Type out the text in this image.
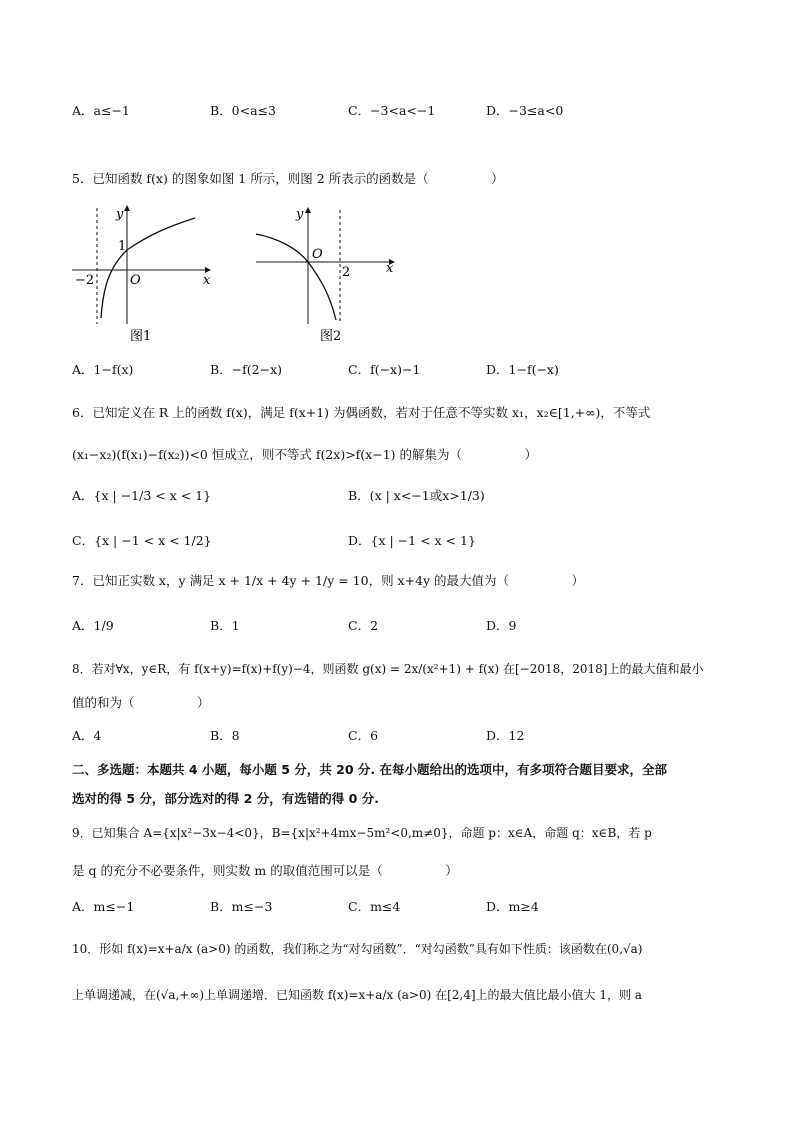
A．a≤−1	B．0<a≤3	C．−3<a<−1	D．−3≤a<0
5．已知函数 f(x) 的图象如图 1 所示，则图 2 所表示的函数是（　　　　　）
y
x
O
1
−2
图1
y
x
O
2
图2
A．1−f(x)	B．−f(2−x)	C．f(−x)−1	D．1−f(−x)
6．已知定义在 R 上的函数 f(x)，满足 f(x+1) 为偶函数，若对于任意不等实数 x₁，x₂∈[1,+∞)，不等式
(x₁−x₂)(f(x₁)−f(x₂))<0 恒成立，则不等式 f(2x)>f(x−1) 的解集为（　　　　　）
A．{x | −1/3 < x < 1}	B．(x | x<−1或x>1/3)
C．{x | −1 < x < 1/2}	D．{x | −1 < x < 1}
7．已知正实数 x，y 满足 x + 1/x + 4y + 1/y = 10，则 x+4y 的最大值为（　　　　　）
A．1/9	B．1	C．2	D．9
8．若对∀x，y∈R，有 f(x+y)=f(x)+f(y)−4，则函数 g(x) = 2x/(x²+1) + f(x) 在[−2018，2018]上的最大值和最小
值的和为（　　　　　）
A．4	B．8	C．6	D．12
二、多选题：本题共 4 小题，每小题 5 分，共 20 分. 在每小题给出的选项中，有多项符合题目要求，全部
选对的得 5 分，部分选对的得 2 分，有选错的得 0 分.
9．已知集合 A={x|x²−3x−4<0}，B={x|x²+4mx−5m²<0,m≠0}，命题 p：x∈A，命题 q：x∈B，若 p
是 q 的充分不必要条件，则实数 m 的取值范围可以是（　　　　　）
A．m≤−1	B．m≤−3	C．m≤4	D．m≥4
10．形如 f(x)=x+a/x (a>0) 的函数，我们称之为“对勾函数”．“对勾函数”具有如下性质：该函数在(0,√a)
上单调递减，在(√a,+∞)上单调递增．已知函数 f(x)=x+a/x (a>0) 在[2,4]上的最大值比最小值大 1，则 a
